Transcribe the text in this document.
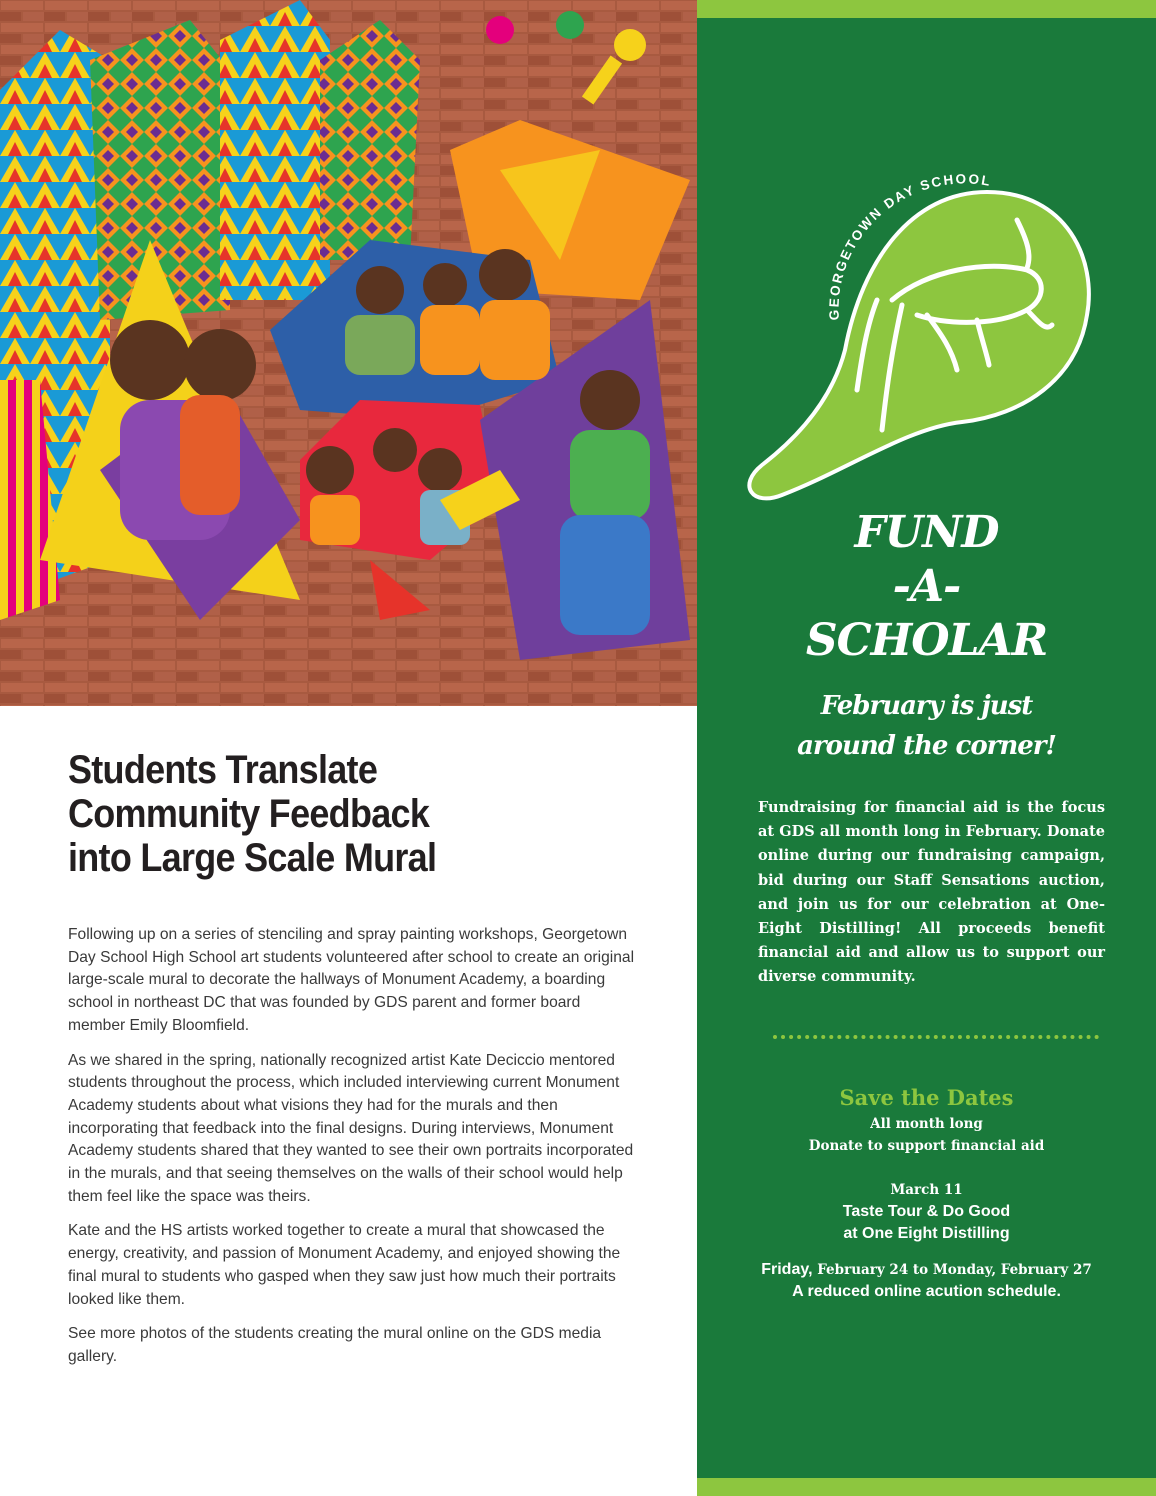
Students Translate
Community Feedback
into Large Scale Mural

Following up on a series of stenciling and spray painting workshops, Georgetown Day School High School art students volunteered after school to create an original large-scale mural to decorate the hallways of Monument Academy, a boarding school in northeast DC that was founded by GDS parent and former board member Emily Bloomfield.

As we shared in the spring, nationally recognized artist Kate Deciccio mentored students throughout the process, which included interviewing current Monument Academy students about what visions they had for the murals and then incorporating that feedback into the final designs. During interviews, Monument Academy students shared that they wanted to see their own portraits incorporated in the murals, and that seeing themselves on the walls of their school would help them feel like the space was theirs.

Kate and the HS artists worked together to create a mural that showcased the energy, creativity, and passion of Monument Academy, and enjoyed showing the final mural to students who gasped when they saw just how much their portraits looked like them.

See more photos of the students creating the mural online on the GDS media gallery.

GEORGETOWN DAY SCHOOL
FUND
-A-
SCHOLAR
February is just
around the corner!

Fundraising for financial aid is the focus at GDS all month long in February. Donate online during our fundraising campaign, bid during our Staff Sensations auction, and join us for our celebration at One-Eight Distilling! All proceeds benefit financial aid and allow us to support our diverse community.

Save the Dates
All month long
Donate to support financial aid
March 11
Taste Tour & Do Good
at One Eight Distilling
Friday, February 24 to Monday, February 27
A reduced online acution schedule.
